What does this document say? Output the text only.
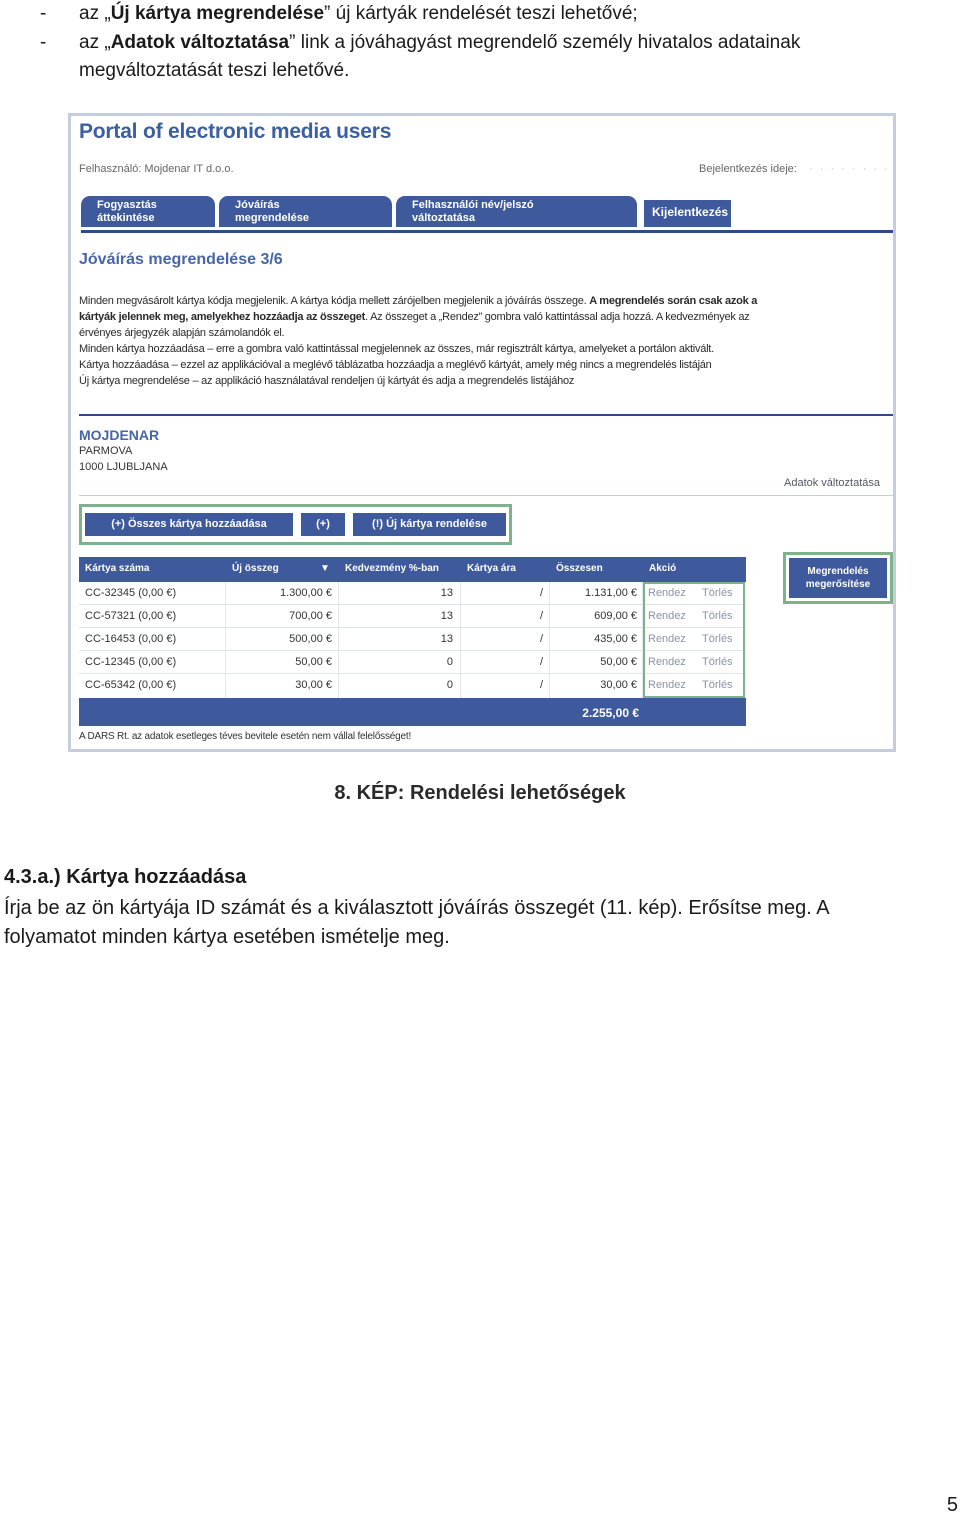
- az „Új kártya megrendelése” új kártyák rendelését teszi lehetővé;
- az „Adatok változtatása” link a jóváhagyást megrendelő személy hivatalos adatainak
megváltoztatását teszi lehetővé.
Portal of electronic media users
Felhasználó: Mojdenar IT d.o.o.	Bejelentkezés ideje: · · · · · · · ·
Fogyasztás
áttekintése
Jóváírás
megrendelése
Felhasználói név/jelszó
változtatása	Kijelentkezés
Jóváírás megrendelése 3/6
Minden megvásárolt kártya kódja megjelenik. A kártya kódja mellett zárójelben megjelenik a jóváírás összege. A megrendelés során csak azok a
kártyák jelennek meg, amelyekhez hozzáadja az összeget. Az összeget a „Rendez” gombra való kattintással adja hozzá. A kedvezmények az
érvényes árjegyzék alapján számolandók el.
Minden kártya hozzáadása – erre a gombra való kattintással megjelennek az összes, már regisztrált kártya, amelyeket a portálon aktivált.
Kártya hozzáadása – ezzel az applikációval a meglévő táblázatba hozzáadja a meglévő kártyát, amely még nincs a megrendelés listáján
Új kártya megrendelése – az applikáció használatával rendeljen új kártyát és adja a megrendelés listájához
MOJDENAR
PARMOVA
1000 LJUBLJANA
Adatok változtatása
(+) Összes kártya hozzáadása	(+)	(!) Új kártya rendelése
Kártya száma	Új összeg	▼	Kedvezmény %-ban	Kártya ára	Összesen	Akció
CC-32345 (0,00 €)	1.300,00 €	13	/	1.131,00 € Rendez Törlés
CC-57321 (0,00 €)	700,00 €	13	/	609,00 € Rendez Törlés
CC-16453 (0,00 €)	500,00 €	13	/	435,00 € Rendez Törlés
CC-12345 (0,00 €)	50,00 €	0	/	50,00 € Rendez Törlés
CC-65342 (0,00 €)	30,00 €	0	/	30,00 € Rendez Törlés
2.255,00 €
Megrendelés
megerősítése
A DARS Rt. az adatok esetleges téves bevitele esetén nem vállal felelősséget!
8. KÉP: Rendelési lehetőségek
4.3.a.) Kártya hozzáadása
Írja be az ön kártyája ID számát és a kiválasztott jóváírás összegét (11. kép). Erősítse meg. A folyamatot minden kártya esetében ismételje meg.
5
